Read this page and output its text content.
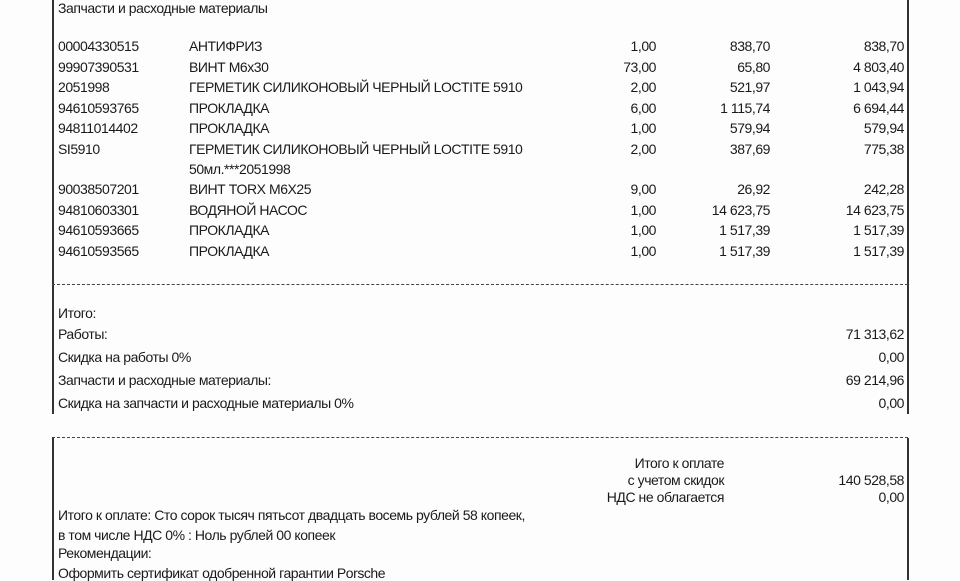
Запчасти и расходные материалы
00004330515	АНТИФРИЗ	1,00	838,70	838,70
99907390531	ВИНТ M6x30	73,00	65,80	4 803,40
2051998	ГЕРМЕТИК СИЛИКОНОВЫЙ ЧЕРНЫЙ LOCTITE 5910	2,00	521,97	1 043,94
94610593765	ПРОКЛАДКА	6,00	1 115,74	6 694,44
94811014402	ПРОКЛАДКА	1,00	579,94	579,94
SI5910	ГЕРМЕТИК СИЛИКОНОВЫЙ ЧЕРНЫЙ LOCTITE 5910	2,00	387,69	775,38
50мл.***2051998
90038507201	ВИНТ TORX M6X25	9,00	26,92	242,28
94810603301	ВОДЯНОЙ НАСОС	1,00	14 623,75	14 623,75
94610593665	ПРОКЛАДКА	1,00	1 517,39	1 517,39
94610593565	ПРОКЛАДКА	1,00	1 517,39	1 517,39
Итого:
Работы:	71 313,62
Скидка на работы 0%	0,00
Запчасти и расходные материалы:	69 214,96
Скидка на запчасти и расходные материалы 0%	0,00
Итого к оплате
с учетом скидок	140 528,58
НДС не облагается	0,00
Итого к оплате: Сто сорок тысяч пятьсот двадцать восемь рублей 58 копеек,
в том числе НДС 0% : Ноль рублей 00 копеек
Рекомендации:
Оформить сертификат одобренной гарантии Porsche
